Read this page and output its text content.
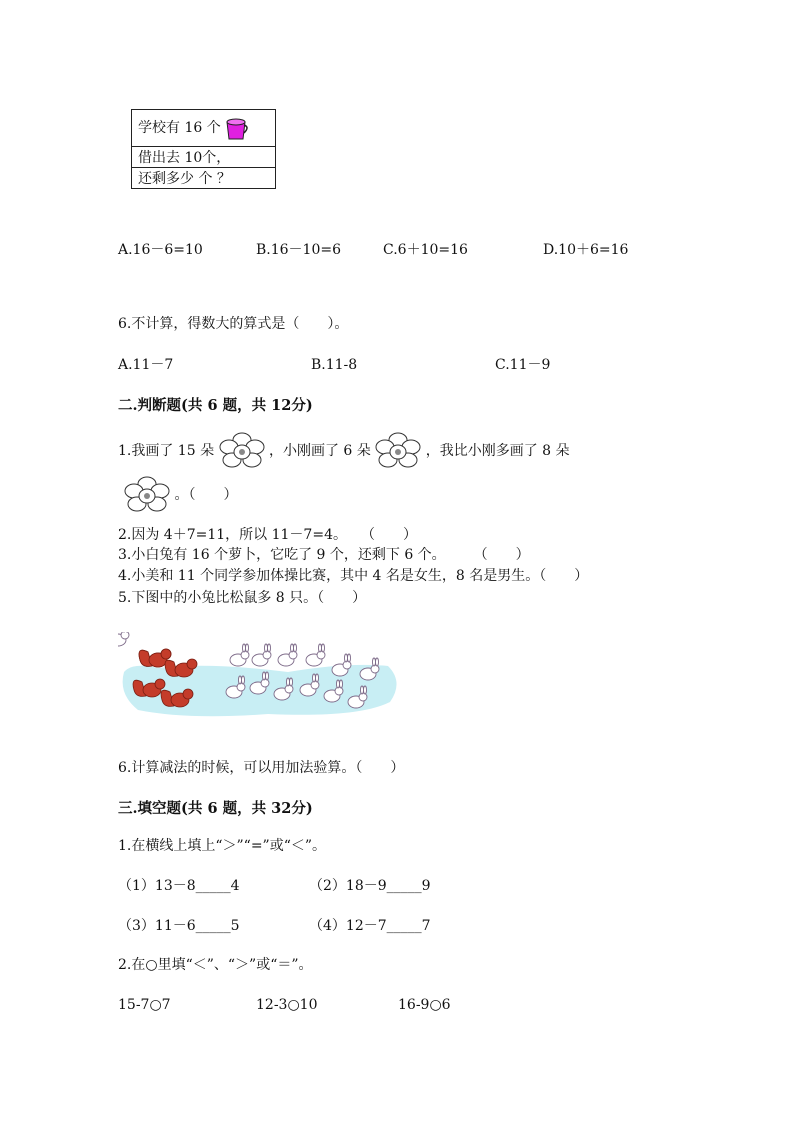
学校有 16 个
借出去 10个，
还剩多少 个 ？
A.16－6=10	B.16－10=6	C.6＋10=16	D.10＋6=16
6.不计算，得数大的算式是（　　）。
A.11－7	B.11-8	C.11－9
二.判断题(共 6 题，共 12分)
1.我画了 15 朵	，小刚画了 6 朵	，我比小刚多画了 8 朵
。（　　）
2.因为 4＋7=11，所以 11－7=4。　　（　　）
3.小白兔有 16 个萝卜，它吃了 9 个，还剩下 6 个。　　　（　　）
4.小美和 11 个同学参加体操比赛，其中 4 名是女生，8 名是男生。（　　）
5.下图中的小兔比松鼠多 8 只。（　　）
6.计算减法的时候，可以用加法验算。（　　）
三.填空题(共 6 题，共 32分)
1.在横线上填上“＞”“=”或“＜”。
（1）13－8_____4	（2）18－9_____9
（3）11－6_____5	（4）12－7_____7
2.在○里填“＜”、“＞”或“＝”。
15-7○7	12-3○10	16-9○6
